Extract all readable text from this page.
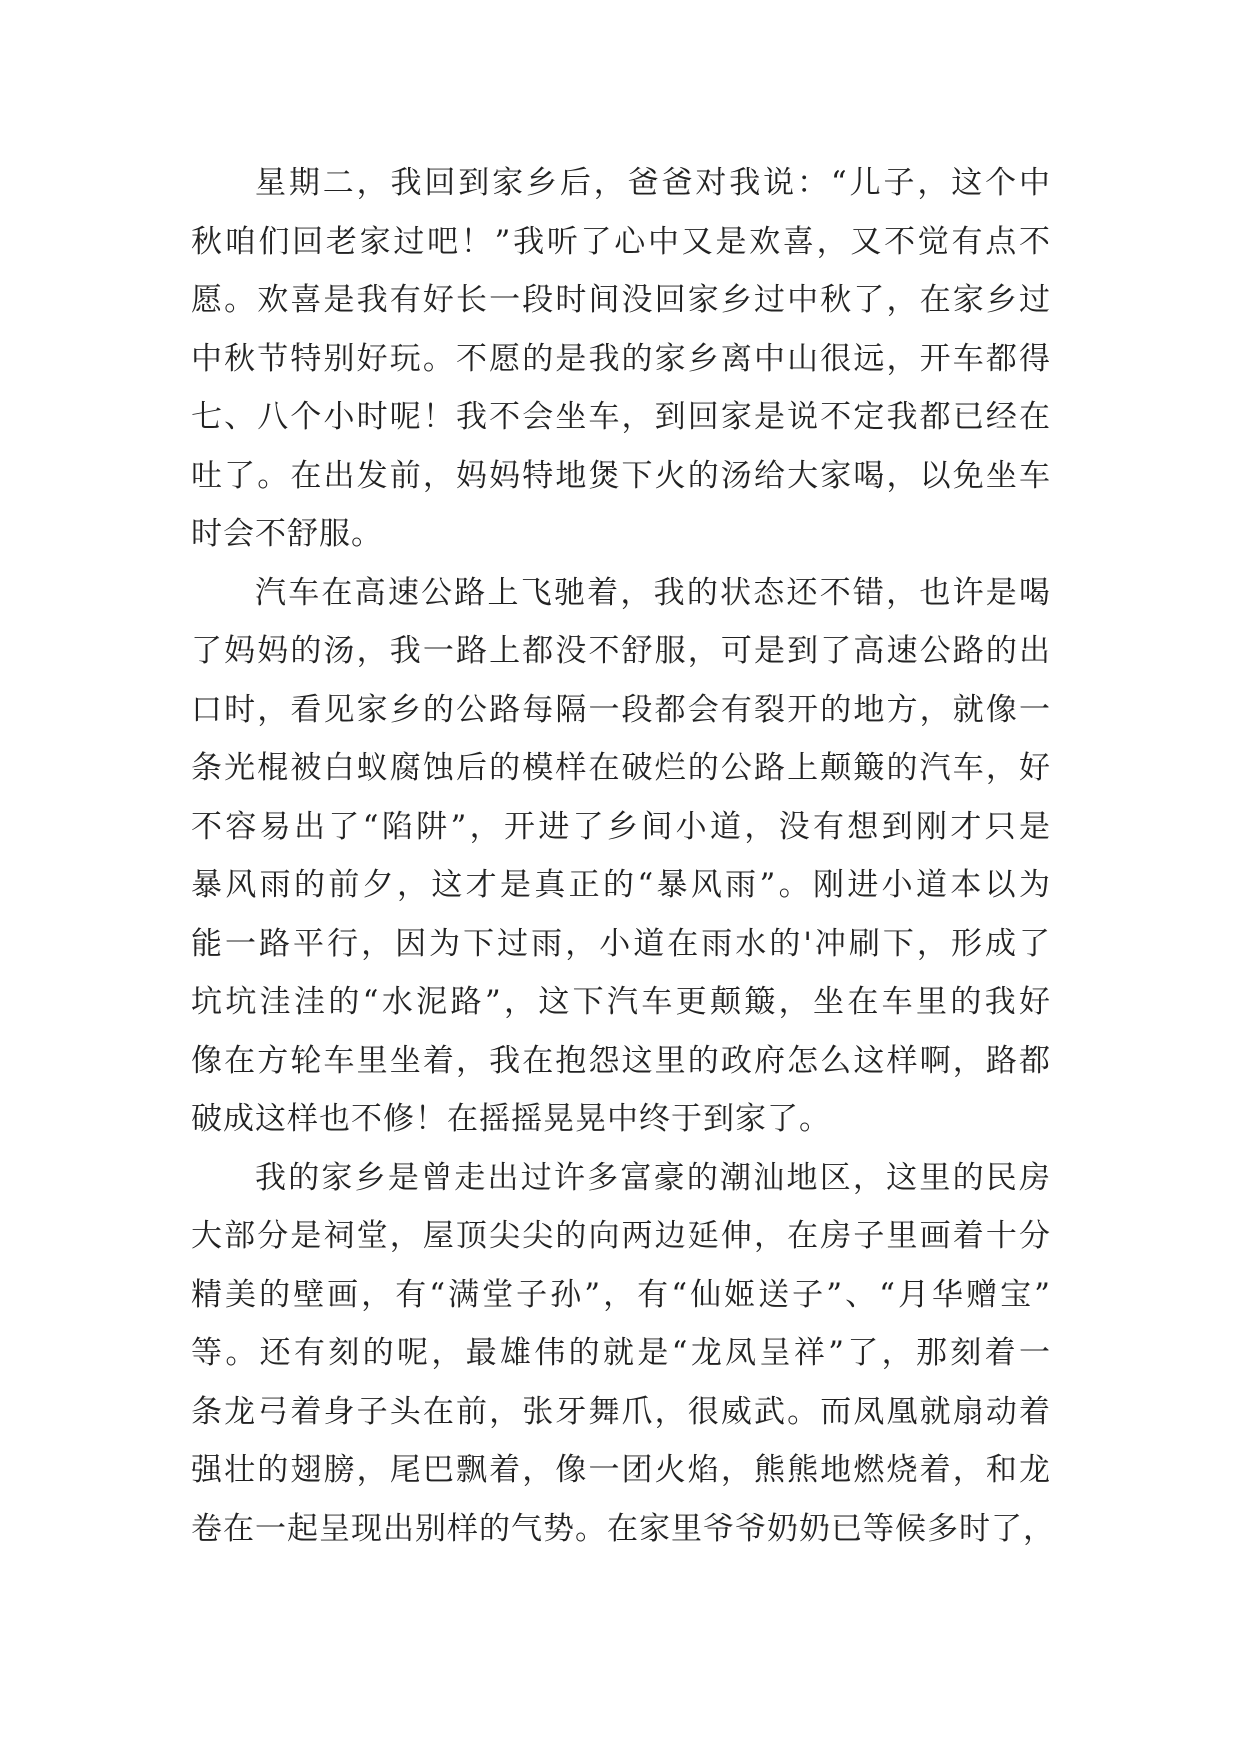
星期二，我回到家乡后，爸爸对我说：“儿子，这个中
秋咱们回老家过吧！”我听了心中又是欢喜，又不觉有点不
愿。欢喜是我有好长一段时间没回家乡过中秋了，在家乡过
中秋节特别好玩。不愿的是我的家乡离中山很远，开车都得
七、八个小时呢！我不会坐车，到回家是说不定我都已经在
吐了。在出发前，妈妈特地煲下火的汤给大家喝，以免坐车
时会不舒服。
汽车在高速公路上飞驰着，我的状态还不错，也许是喝
了妈妈的汤，我一路上都没不舒服，可是到了高速公路的出
口时，看见家乡的公路每隔一段都会有裂开的地方，就像一
条光棍被白蚁腐蚀后的模样在破烂的公路上颠簸的汽车，好
不容易出了“陷阱”，开进了乡间小道，没有想到刚才只是
暴风雨的前夕，这才是真正的“暴风雨”。刚进小道本以为
能一路平行，因为下过雨，小道在雨水的'冲刷下，形成了
坑坑洼洼的“水泥路”，这下汽车更颠簸，坐在车里的我好
像在方轮车里坐着，我在抱怨这里的政府怎么这样啊，路都
破成这样也不修！在摇摇晃晃中终于到家了。
我的家乡是曾走出过许多富豪的潮汕地区，这里的民房
大部分是祠堂，屋顶尖尖的向两边延伸，在房子里画着十分
精美的壁画，有“满堂子孙”，有“仙姬送子”、“月华赠宝”
等。还有刻的呢，最雄伟的就是“龙凤呈祥”了，那刻着一
条龙弓着身子头在前，张牙舞爪，很威武。而凤凰就扇动着
强壮的翅膀，尾巴飘着，像一团火焰，熊熊地燃烧着，和龙
卷在一起呈现出别样的气势。在家里爷爷奶奶已等候多时了，
